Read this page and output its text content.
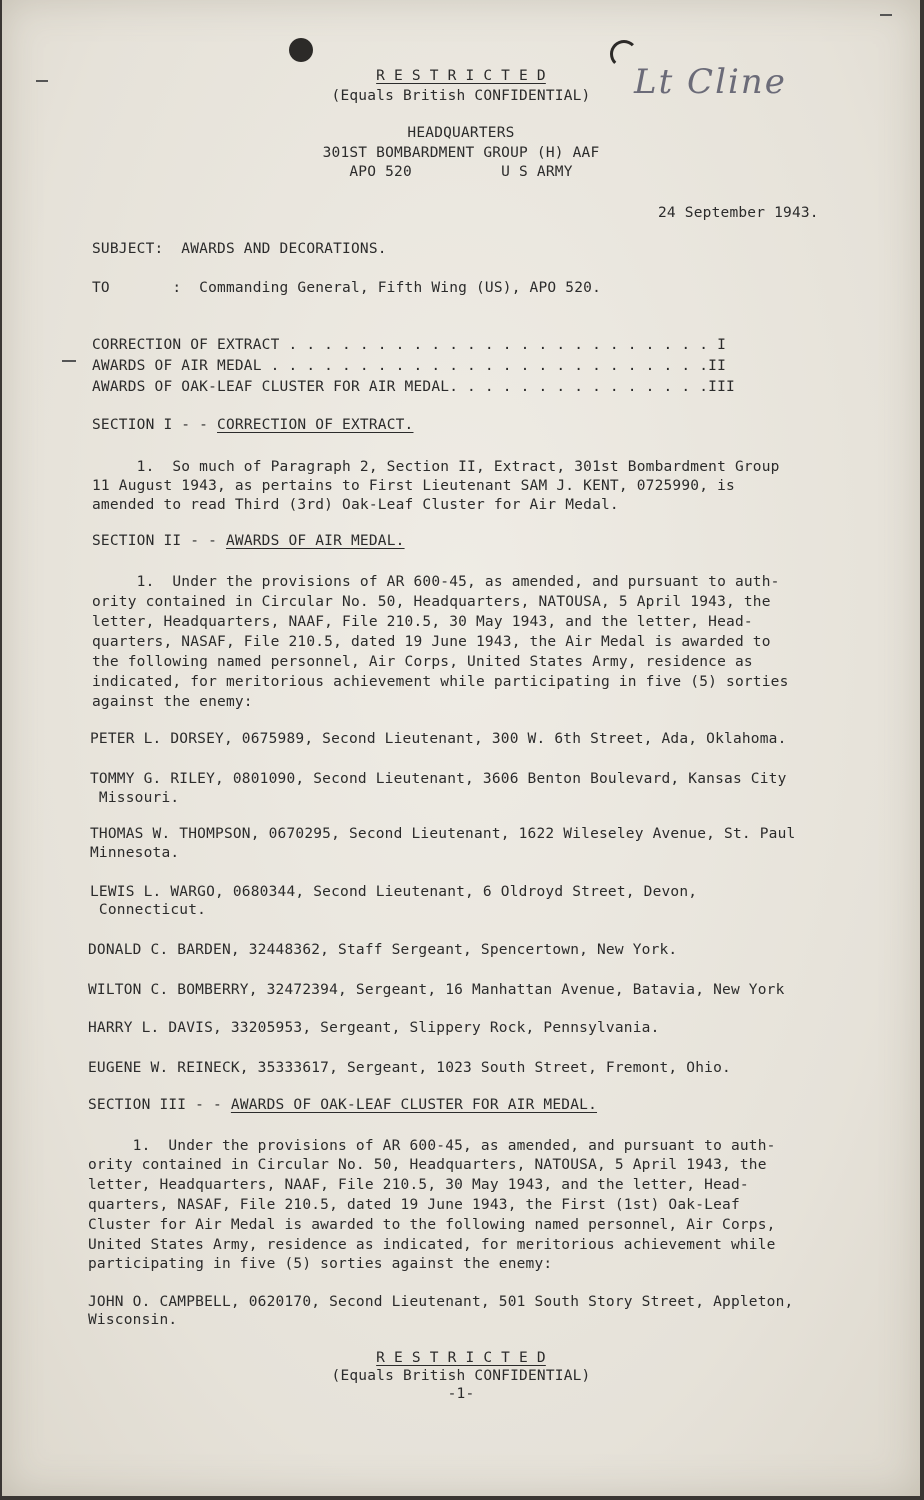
R E S T R I C T E D
(Equals British CONFIDENTIAL)	Lt Cline
HEADQUARTERS
301ST BOMBARDMENT GROUP (H) AAF
APO 520          U S ARMY
24 September 1943.
SUBJECT:  AWARDS AND DECORATIONS.
TO       :  Commanding General, Fifth Wing (US), APO 520.
CORRECTION OF EXTRACT . . . . . . . . . . . . . . . . . . . . . . . . I
AWARDS OF AIR MEDAL . . . . . . . . . . . . . . . . . . . . . . . . .II
AWARDS OF OAK-LEAF CLUSTER FOR AIR MEDAL. . . . . . . . . . . . . . .III
SECTION I - - CORRECTION OF EXTRACT.
1.  So much of Paragraph 2, Section II, Extract, 301st Bombardment Group
11 August 1943, as pertains to First Lieutenant SAM J. KENT, 0725990, is
amended to read Third (3rd) Oak-Leaf Cluster for Air Medal.
SECTION II - - AWARDS OF AIR MEDAL.
1.  Under the provisions of AR 600-45, as amended, and pursuant to auth-
ority contained in Circular No. 50, Headquarters, NATOUSA, 5 April 1943, the
letter, Headquarters, NAAF, File 210.5, 30 May 1943, and the letter, Head-
quarters, NASAF, File 210.5, dated 19 June 1943, the Air Medal is awarded to
the following named personnel, Air Corps, United States Army, residence as
indicated, for meritorious achievement while participating in five (5) sorties
against the enemy:
PETER L. DORSEY, 0675989, Second Lieutenant, 300 W. 6th Street, Ada, Oklahoma.
TOMMY G. RILEY, 0801090, Second Lieutenant, 3606 Benton Boulevard, Kansas City
Missouri.
THOMAS W. THOMPSON, 0670295, Second Lieutenant, 1622 Wileseley Avenue, St. Paul
Minnesota.
LEWIS L. WARGO, 0680344, Second Lieutenant, 6 Oldroyd Street, Devon,
Connecticut.
DONALD C. BARDEN, 32448362, Staff Sergeant, Spencertown, New York.
WILTON C. BOMBERRY, 32472394, Sergeant, 16 Manhattan Avenue, Batavia, New York
HARRY L. DAVIS, 33205953, Sergeant, Slippery Rock, Pennsylvania.
EUGENE W. REINECK, 35333617, Sergeant, 1023 South Street, Fremont, Ohio.
SECTION III - - AWARDS OF OAK-LEAF CLUSTER FOR AIR MEDAL.
1.  Under the provisions of AR 600-45, as amended, and pursuant to auth-
ority contained in Circular No. 50, Headquarters, NATOUSA, 5 April 1943, the
letter, Headquarters, NAAF, File 210.5, 30 May 1943, and the letter, Head-
quarters, NASAF, File 210.5, dated 19 June 1943, the First (1st) Oak-Leaf
Cluster for Air Medal is awarded to the following named personnel, Air Corps,
United States Army, residence as indicated, for meritorious achievement while
participating in five (5) sorties against the enemy:
JOHN O. CAMPBELL, 0620170, Second Lieutenant, 501 South Story Street, Appleton,
Wisconsin.
R E S T R I C T E D
(Equals British CONFIDENTIAL)
-1-
